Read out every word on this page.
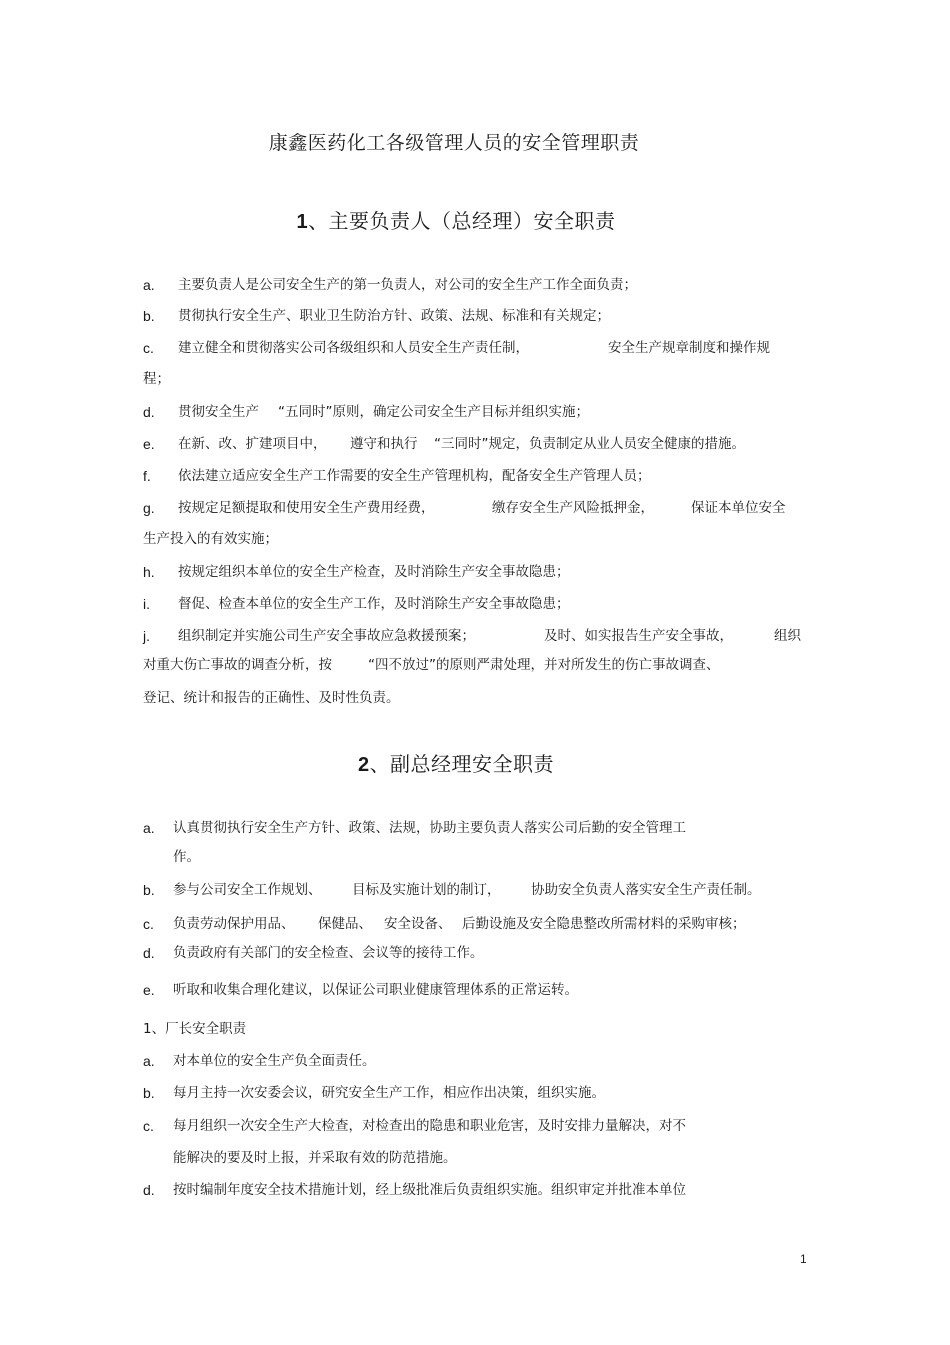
康鑫医药化工各级管理人员的安全管理职责
1、主要负责人（总经理）安全职责
a. 主要负责人是公司安全生产的第一负责人，对公司的安全生产工作全面负责；
b. 贯彻执行安全生产、职业卫生防治方针、政策、法规、标准和有关规定；
c. 建立健全和贯彻落实公司各级组织和人员安全生产责任制，	安全生产规章制度和操作规
程；
d. 贯彻安全生产 “五同时”原则，确定公司安全生产目标并组织实施；
e. 在新、改、扩建项目中， 遵守和执行 “三同时”规定，负责制定从业人员安全健康的措施。
f. 依法建立适应安全生产工作需要的安全生产管理机构，配备安全生产管理人员；
g. 按规定足额提取和使用安全生产费用经费，	缴存安全生产风险抵押金，	保证本单位安全
生产投入的有效实施；
h. 按规定组织本单位的安全生产检查，及时消除生产安全事故隐患；
i. 督促、检查本单位的安全生产工作，及时消除生产安全事故隐患；
j. 组织制定并实施公司生产安全事故应急救援预案；	及时、如实报告生产安全事故，	组织
对重大伤亡事故的调查分析，按	“四不放过”的原则严肃处理，并对所发生的伤亡事故调查、
登记、统计和报告的正确性、及时性负责。
2、副总经理安全职责
a. 认真贯彻执行安全生产方针、政策、法规，协助主要负责人落实公司后勤的安全管理工
作。
b. 参与公司安全工作规划、 目标及实施计划的制订， 协助安全负责人落实安全生产责任制。
c. 负责劳动保护用品、 保健品、 安全设备、 后勤设施及安全隐患整改所需材料的采购审核；
d. 负责政府有关部门的安全检查、会议等的接待工作。
e. 听取和收集合理化建议，以保证公司职业健康管理体系的正常运转。
1、厂长安全职责
a. 对本单位的安全生产负全面责任。
b. 每月主持一次安委会议，研究安全生产工作，相应作出决策，组织实施。
c. 每月组织一次安全生产大检查，对检查出的隐患和职业危害，及时安排力量解决，对不
能解决的要及时上报，并采取有效的防范措施。
d. 按时编制年度安全技术措施计划，经上级批准后负责组织实施。组织审定并批准本单位
1
